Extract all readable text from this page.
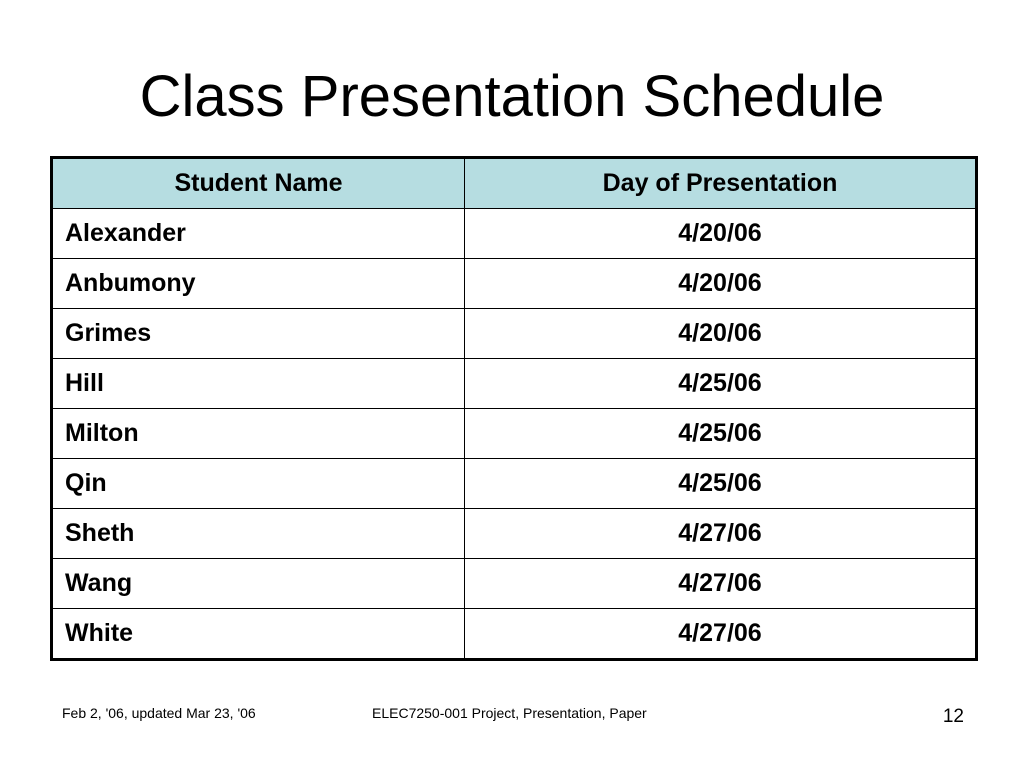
Class Presentation Schedule
Student Name	Day of Presentation
Alexander	4/20/06
Anbumony	4/20/06
Grimes	4/20/06
Hill	4/25/06
Milton	4/25/06
Qin	4/25/06
Sheth	4/27/06
Wang	4/27/06
White	4/27/06
Feb 2, '06, updated Mar 23, '06	ELEC7250-001 Project, Presentation, Paper	12
